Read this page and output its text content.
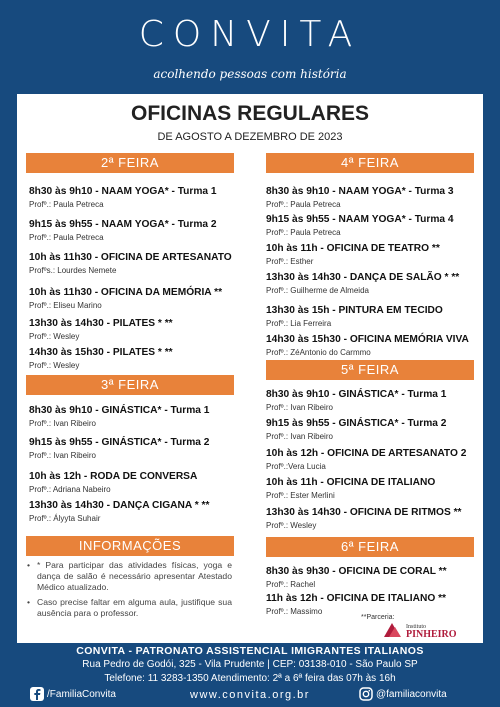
CONVITA
acolhendo pessoas com história
OFICINAS REGULARES
DE AGOSTO A DEZEMBRO DE 2023
2ª FEIRA
8h30 às 9h10 - NAAM YOGA* - Turma 1
Profº.: Paula Petreca
9h15 às 9h55 - NAAM YOGA* - Turma 2
Profº.: Paula Petreca
10h às 11h30 - OFICINA DE ARTESANATO
Profºs.: Lourdes Nemete
10h às 11h30 - OFICINA DA MEMÓRIA **
Profº.: Eliseu Marino
13h30 às 14h30 - PILATES * **
Profº.: Wesley
14h30 às 15h30 - PILATES * **
Profº.: Wesley
3ª FEIRA
8h30 às 9h10 - GINÁSTICA* - Turma 1
Profº.: Ivan Ribeiro
9h15 às 9h55 - GINÁSTICA* - Turma 2
Profº.: Ivan Ribeiro
10h às 12h - RODA DE CONVERSA
Profº.: Adriana Nabeiro
13h30 às 14h30 - DANÇA CIGANA * **
Profº.: Ályyta Suhair
INFORMAÇÕES
• * Para participar das atividades físicas, yoga e dança de salão é necessário apresentar Atestado Médico atualizado.
• Caso precise faltar em alguma aula, justifique sua ausência para o professor.
4ª FEIRA
8h30 às 9h10 - NAAM YOGA* - Turma 3
Profº.: Paula Petreca
9h15 às 9h55 - NAAM YOGA* - Turma 4
Profº.: Paula Petreca
10h às 11h - OFICINA DE TEATRO **
Profº.: Esther
13h30 às 14h30 - DANÇA DE SALÃO * **
Profº.: Guilherme de Almeida
13h30 às 15h - PINTURA EM TECIDO
Profº.: Lia Ferreira
14h30 às 15h30 - OFICINA MEMÓRIA VIVA
Profº.: ZéAntonio do Carmmo
5ª FEIRA
8h30 às 9h10 - GINÁSTICA* - Turma 1
Profº.: Ivan Ribeiro
9h15 às 9h55 - GINÁSTICA* - Turma 2
Profº.: Ivan Ribeiro
10h às 12h - OFICINA DE ARTESANATO 2
Profº.:Vera Lucia
10h às 11h - OFICINA DE ITALIANO
Profº.: Ester Merlini
13h30 às 14h30 - OFICINA DE RITMOS **
Profº.: Wesley
6ª FEIRA
8h30 às 9h30 - OFICINA DE CORAL **
Profº.: Rachel
11h às 12h - OFICINA DE ITALIANO **
Profº.: Massimo
**Parceria:
Instituto
PINHEIRO
CONVITA - PATRONATO ASSISTENCIAL IMIGRANTES ITALIANOS
Rua Pedro de Godói, 325 - Vila Prudente | CEP: 03138-010 - São Paulo SP
Telefone: 11 3283-1350 Atendimento: 2ª a 6ª feira das 07h às 16h
/FamiliaConvita	www.convita.org.br	@familiaconvita
